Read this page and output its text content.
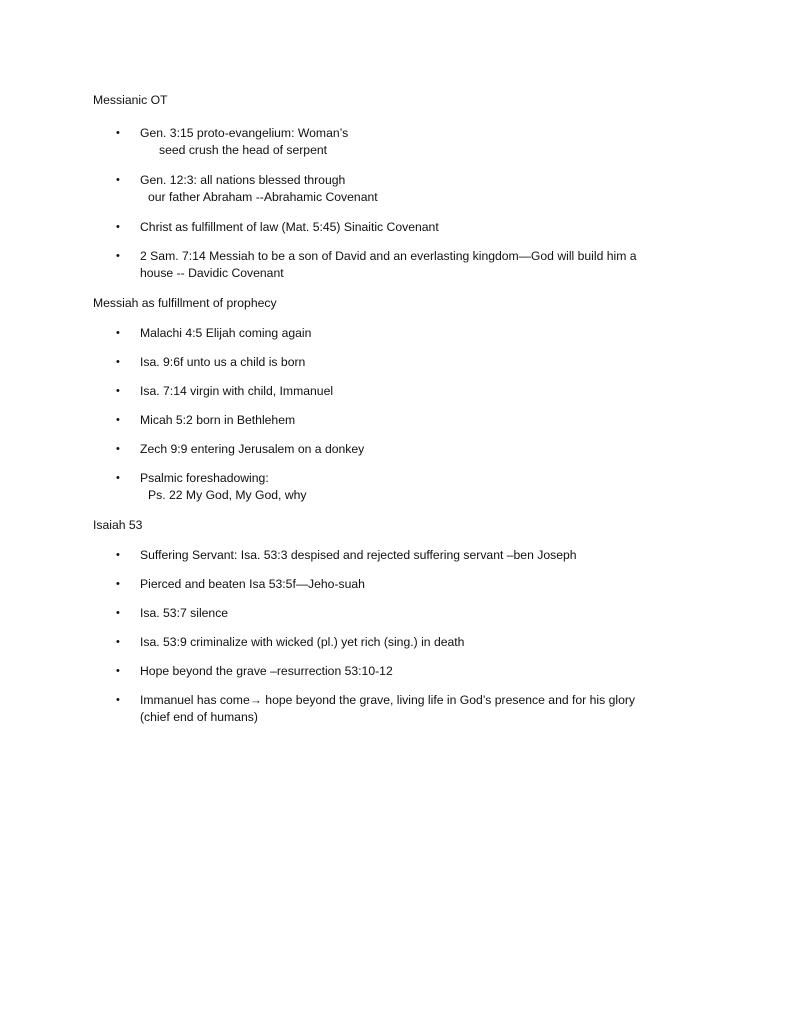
Messianic OT
•	Gen. 3:15 proto-evangelium: Woman’s
seed crush the head of serpent
•	Gen. 12:3: all nations blessed through
our father Abraham --Abrahamic Covenant
•	Christ as fulfillment of law (Mat. 5:45) Sinaitic Covenant
•	2 Sam. 7:14 Messiah to be a son of David and an everlasting kingdom—God will build him a
house -- Davidic Covenant
Messiah as fulfillment of prophecy
•	Malachi 4:5 Elijah coming again
•	Isa. 9:6f unto us a child is born
•	Isa. 7:14 virgin with child, Immanuel
•	Micah 5:2 born in Bethlehem
•	Zech 9:9 entering Jerusalem on a donkey
•	Psalmic foreshadowing:
Ps. 22 My God, My God, why
Isaiah 53
•	Suffering Servant: Isa. 53:3 despised and rejected suffering servant –ben Joseph
•	Pierced and beaten Isa 53:5f—Jeho-suah
•	Isa. 53:7 silence
•	Isa. 53:9 criminalize with wicked (pl.) yet rich (sing.) in death
•	Hope beyond the grave –resurrection 53:10-12
•	Immanuel has come→ hope beyond the grave, living life in God’s presence and for his glory
(chief end of humans)
